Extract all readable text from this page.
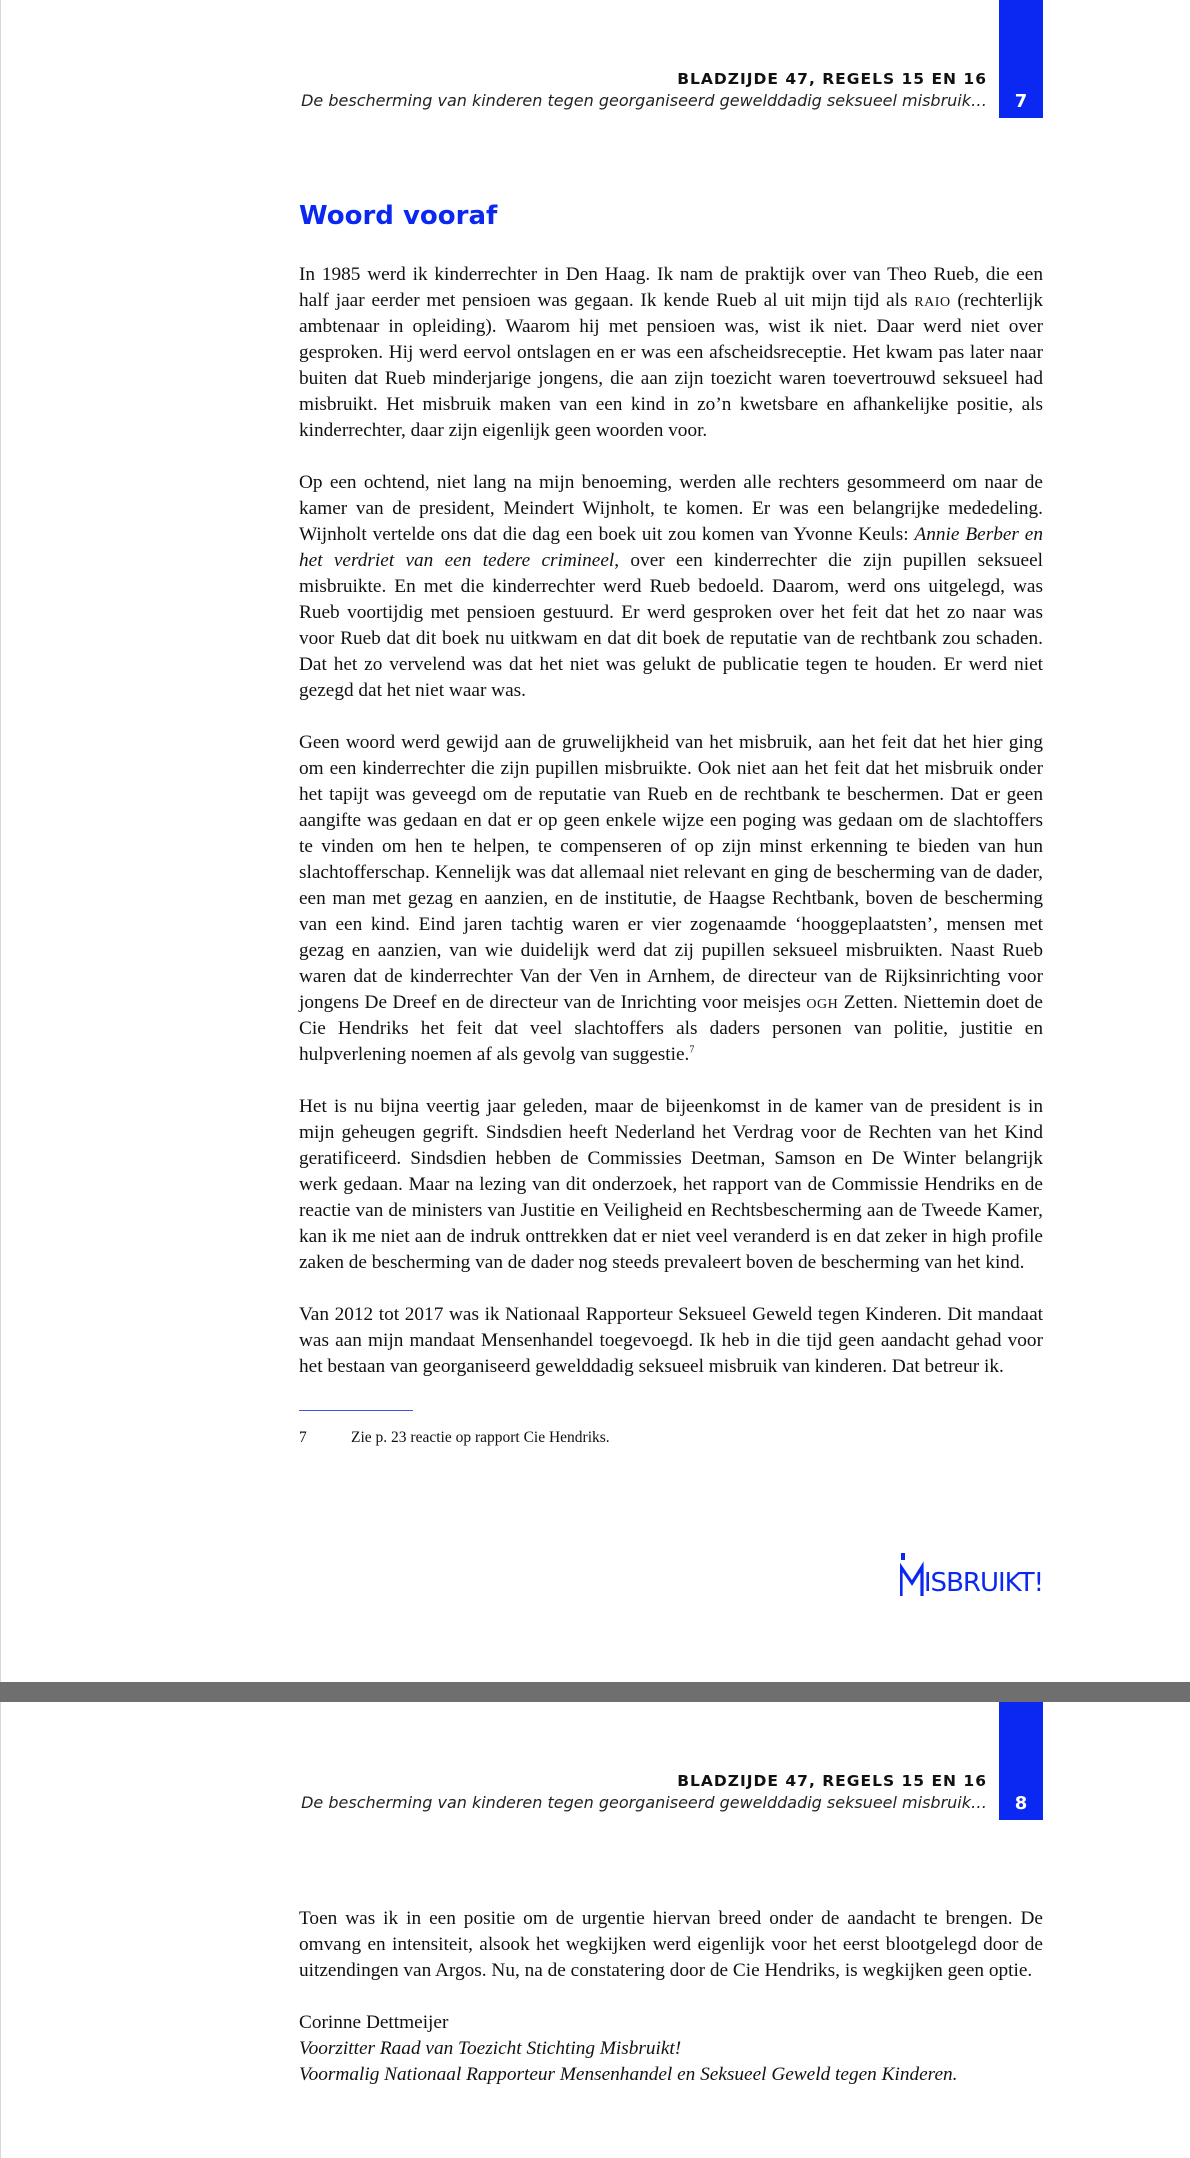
7
BLADZIJDE 47, REGELS 15 EN 16
De bescherming van kinderen tegen georganiseerd gewelddadig seksueel misbruik…
Woord vooraf

In 1985 werd ik kinderrechter in Den Haag. Ik nam de praktijk over van Theo Rueb, die een half jaar eerder met pensioen was gegaan. Ik kende Rueb al uit mijn tijd als raio (rechterlijk ambtenaar in opleiding). Waarom hij met pensioen was, wist ik niet. Daar werd niet over gesproken. Hij werd eervol ontslagen en er was een afscheidsreceptie. Het kwam pas later naar buiten dat Rueb minderjarige jongens, die aan zijn toezicht waren toevertrouwd seksueel had misbruikt. Het misbruik maken van een kind in zo’n kwetsbare en afhankelijke positie, als kinderrechter, daar zijn eigenlijk geen woorden voor.

Op een ochtend, niet lang na mijn benoeming, werden alle rechters gesommeerd om naar de kamer van de president, Meindert Wijnholt, te komen. Er was een belangrijke mededeling. Wijnholt vertelde ons dat die dag een boek uit zou komen van Yvonne Keuls: Annie Berber en het verdriet van een tedere crimineel, over een kinderrechter die zijn pupillen seksueel misbruikte. En met die kinderrechter werd Rueb bedoeld. Daarom, werd ons uitgelegd, was Rueb voortijdig met pensioen gestuurd. Er werd gesproken over het feit dat het zo naar was voor Rueb dat dit boek nu uitkwam en dat dit boek de reputatie van de rechtbank zou schaden. Dat het zo vervelend was dat het niet was gelukt de publicatie tegen te houden. Er werd niet gezegd dat het niet waar was.

Geen woord werd gewijd aan de gruwelijkheid van het misbruik, aan het feit dat het hier ging om een kinderrechter die zijn pupillen misbruikte. Ook niet aan het feit dat het misbruik onder het tapijt was geveegd om de reputatie van Rueb en de rechtbank te beschermen. Dat er geen aangifte was gedaan en dat er op geen enkele wijze een poging was gedaan om de slachtoffers te vinden om hen te helpen, te compenseren of op zijn minst erkenning te bieden van hun slachtofferschap. Kennelijk was dat allemaal niet relevant en ging de bescherming van de dader, een man met gezag en aanzien, en de institutie, de Haagse Rechtbank, boven de bescherming van een kind. Eind jaren tachtig waren er vier zogenaamde ‘hooggeplaatsten’, mensen met gezag en aanzien, van wie duidelijk werd dat zij pupillen seksueel misbruikten. Naast Rueb waren dat de kinderrechter Van der Ven in Arnhem, de directeur van de Rijksinrichting voor jongens De Dreef en de directeur van de Inrichting voor meisjes ogh Zetten. Niettemin doet de Cie Hendriks het feit dat veel slachtoffers als daders personen van politie, justitie en hulpverlening noemen af als gevolg van suggestie.$^7$

Het is nu bijna veertig jaar geleden, maar de bijeenkomst in de kamer van de president is in mijn geheugen gegrift. Sindsdien heeft Nederland het Verdrag voor de Rechten van het Kind geratificeerd. Sindsdien hebben de Commissies Deetman, Samson en De Winter belangrijk werk gedaan. Maar na lezing van dit onderzoek, het rapport van de Commissie Hendriks en de reactie van de ministers van Justitie en Veiligheid en Rechtsbescherming aan de Tweede Kamer, kan ik me niet aan de indruk onttrekken dat er niet veel veranderd is en dat zeker in high profile zaken de bescherming van de dader nog steeds prevaleert boven de bescherming van het kind.

Van 2012 tot 2017 was ik Nationaal Rapporteur Seksueel Geweld tegen Kinderen. Dit mandaat was aan mijn mandaat Mensenhandel toegevoegd. Ik heb in die tijd geen aandacht gehad voor het bestaan van georganiseerd gewelddadig seksueel misbruik van kinderen. Dat betreur ik.

7	Zie p. 23 reactie op rapport Cie Hendriks.
ISBRUIKT!
8
BLADZIJDE 47, REGELS 15 EN 16
De bescherming van kinderen tegen georganiseerd gewelddadig seksueel misbruik…

Toen was ik in een positie om de urgentie hiervan breed onder de aandacht te brengen. De omvang en intensiteit, alsook het wegkijken werd eigenlijk voor het eerst blootgelegd door de uitzendingen van Argos. Nu, na de constatering door de Cie Hendriks, is wegkijken geen optie.

Corinne Dettmeijer

Voorzitter Raad van Toezicht Stichting Misbruikt!

Voormalig Nationaal Rapporteur Mensenhandel en Seksueel Geweld tegen Kinderen.
